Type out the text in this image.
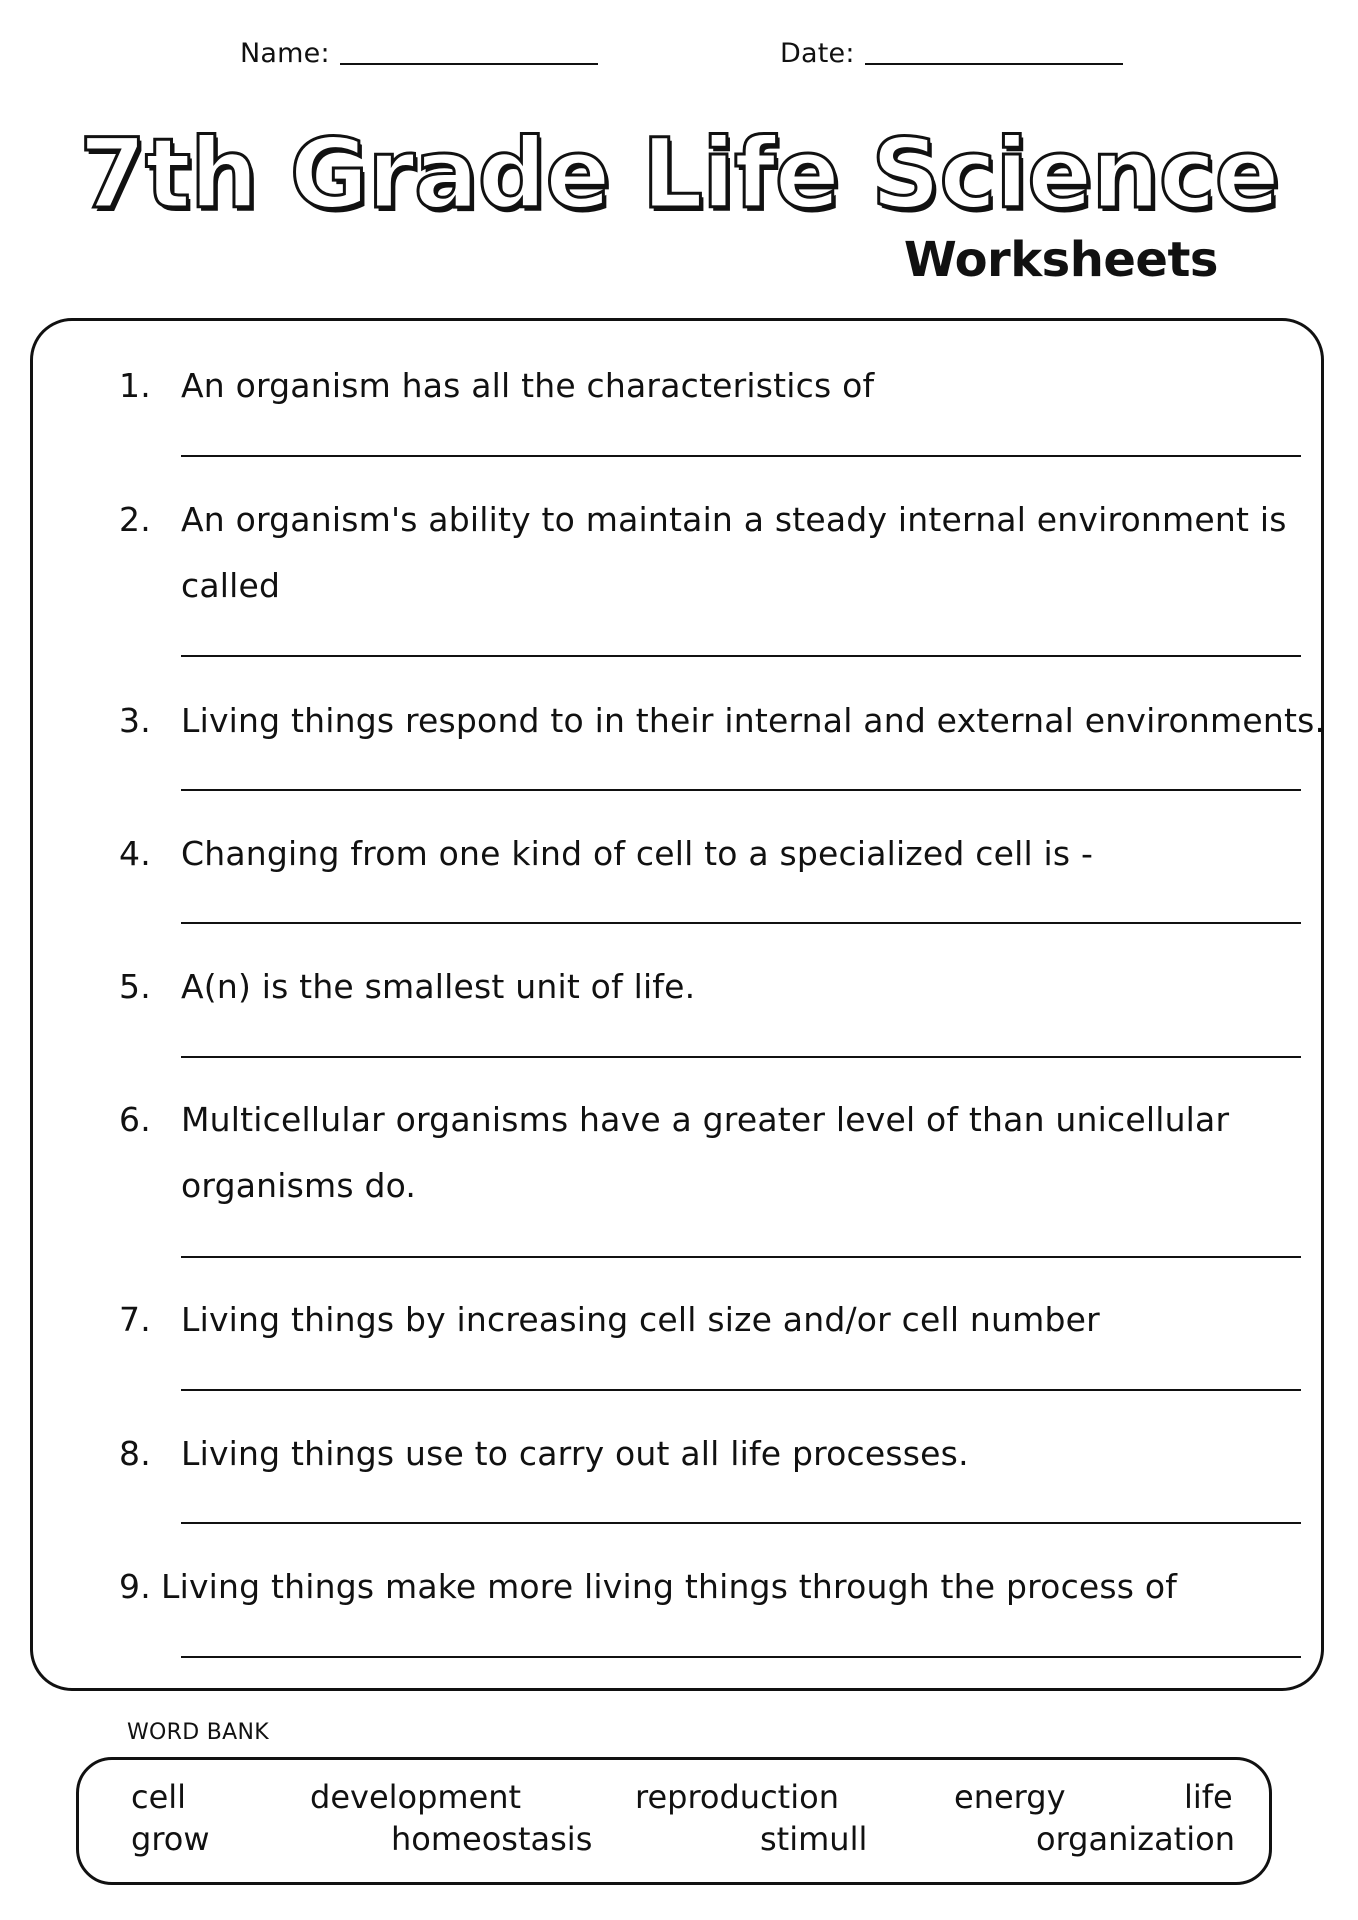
Name:	Date:
7th Grade Life Science
Worksheets
1. An organism has all the characteristics of
2. An organism's ability to maintain a steady internal environment is called
3. Living things respond to in their internal and external environments.
4. Changing from one kind of cell to a specialized cell is -
5. A(n) is the smallest unit of life.
6. Multicellular organisms have a greater level of than unicellular organisms do.
7. Living things by increasing cell size and/or cell number
8. Living things use to carry out all life processes.
9. Living things make more living things through the process of
WORD BANK
cell	development	reproduction	energy	life
grow	homeostasis	stimull	organization
